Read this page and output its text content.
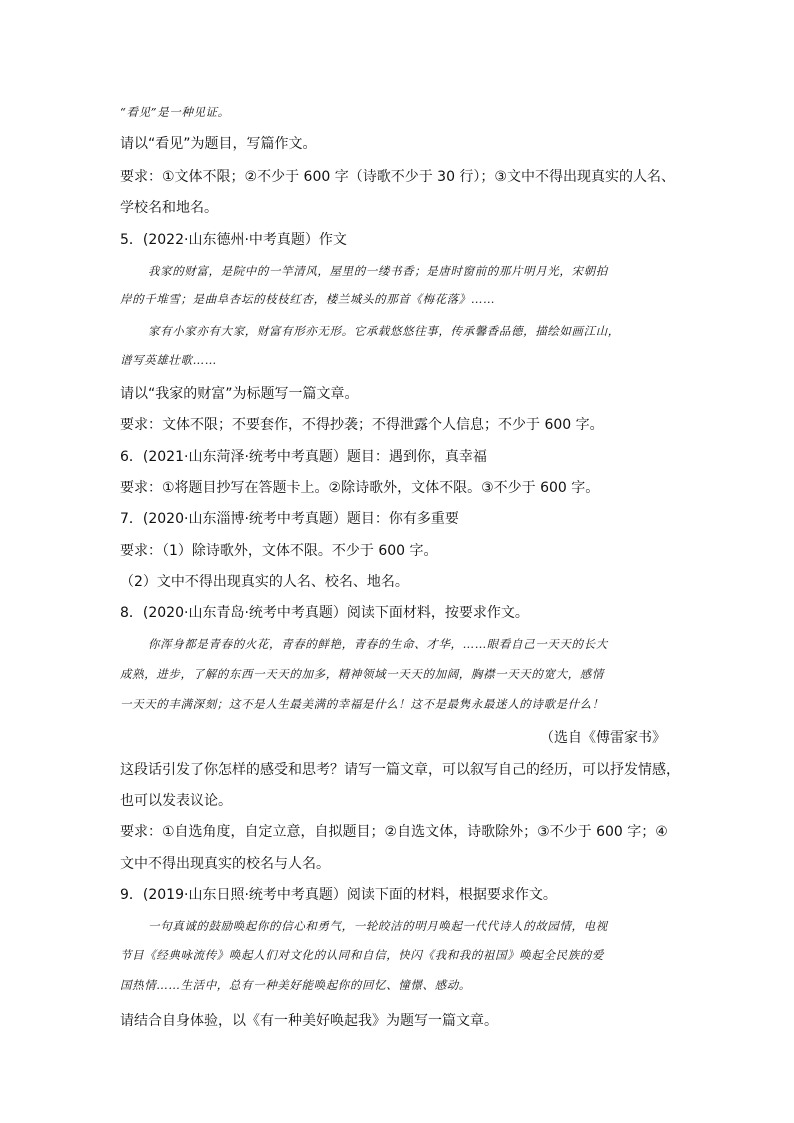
“看见”是一种见证。
请以“看见”为题目，写篇作文。
要求：①文体不限；②不少于 600 字（诗歌不少于 30 行）；③文中不得出现真实的人名、
学校名和地名。
5．(2022·山东德州·中考真题）作文
我家的财富，是院中的一竿清风，屋里的一缕书香；是唐时窗前的那片明月光，宋朝拍
岸的千堆雪；是曲阜杏坛的枝枝红杏，楼兰城头的那首《梅花落》……
家有小家亦有大家，财富有形亦无形。它承载悠悠往事，传承馨香品德，描绘如画江山，
谱写英雄壮歌……
请以“我家的财富”为标题写一篇文章。
要求：文体不限；不要套作，不得抄袭；不得泄露个人信息；不少于 600 字。
6．(2021·山东菏泽·统考中考真题）题目：遇到你，真幸福
要求：①将题目抄写在答题卡上。②除诗歌外，文体不限。③不少于 600 字。
7．(2020·山东淄博·统考中考真题）题目：你有多重要
要求：（1）除诗歌外，文体不限。不少于 600 字。
（2）文中不得出现真实的人名、校名、地名。
8．(2020·山东青岛·统考中考真题）阅读下面材料，按要求作文。
你浑身都是青春的火花，青春的鲜艳，青春的生命、才华，……眼看自己一天天的长大
成熟，进步，了解的东西一天天的加多，精神领域一天天的加阔，胸襟一天天的宽大，感情
一天天的丰满深刻；这不是人生最美满的幸福是什么！这不是最隽永最迷人的诗歌是什么！
（选自《傅雷家书》
这段话引发了你怎样的感受和思考？请写一篇文章，可以叙写自己的经历，可以抒发情感，
也可以发表议论。
要求：①自选角度，自定立意，自拟题目；②自选文体，诗歌除外；③不少于 600 字；④
文中不得出现真实的校名与人名。
9．(2019·山东日照·统考中考真题）阅读下面的材料，根据要求作文。
一句真诚的鼓励唤起你的信心和勇气，一轮皎洁的明月唤起一代代诗人的故园情，电视
节目《经典咏流传》唤起人们对文化的认同和自信，快闪《我和我的祖国》唤起全民族的爱
国热情……生活中，总有一种美好能唤起你的回忆、憧憬、感动。
请结合自身体验，以《有一种美好唤起我》为题写一篇文章。
